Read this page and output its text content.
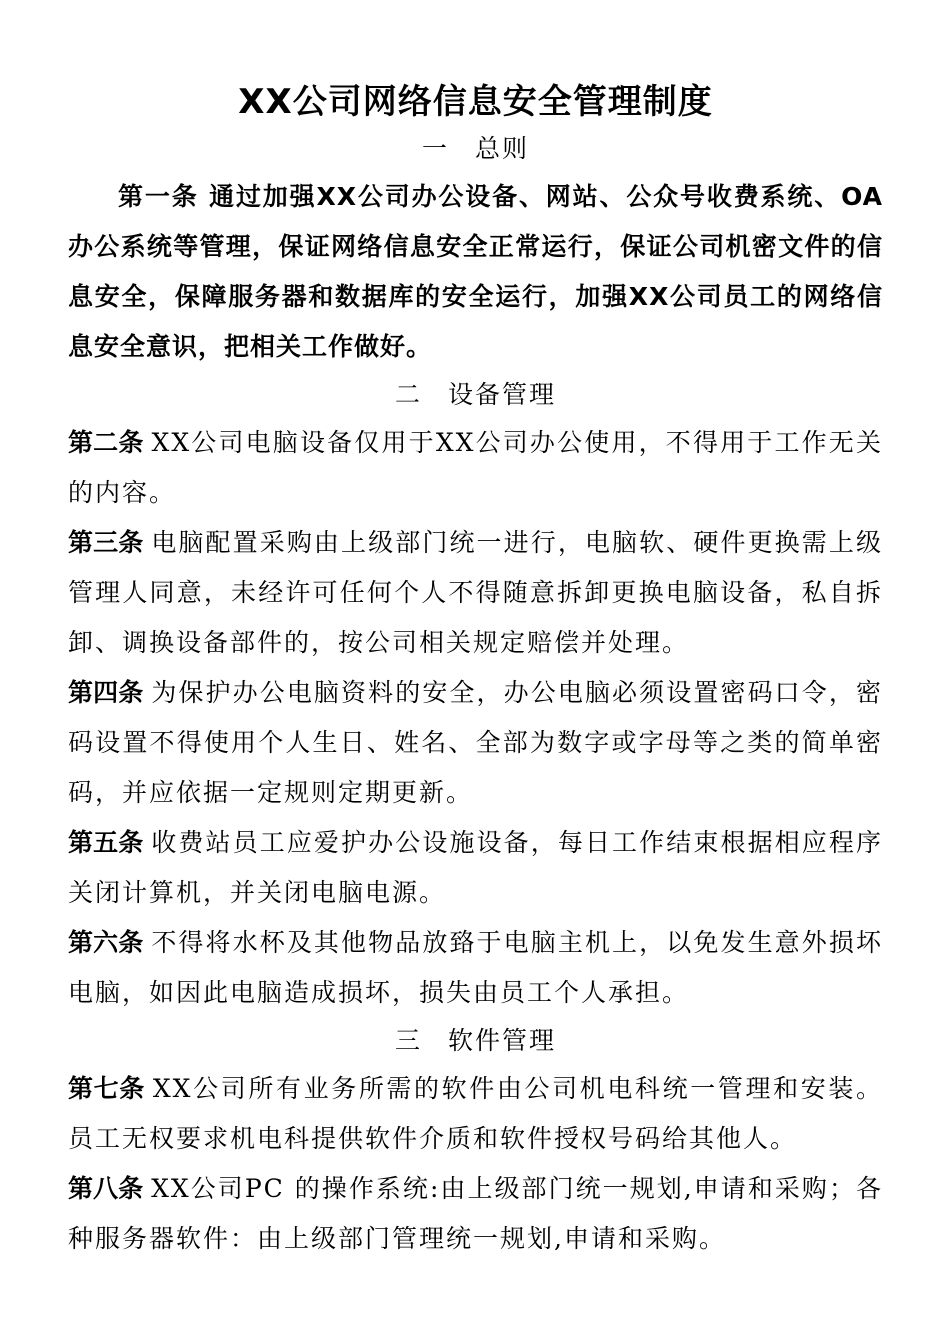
XX公司网络信息安全管理制度
一 总则

第一条 通过加强XX公司办公设备、网站、公众号收费系统、OA办公系统等管理，保证网络信息安全正常运行，保证公司机密文件的信息安全，保障服务器和数据库的安全运行，加强XX公司员工的网络信息安全意识，把相关工作做好。

二 设备管理

第二条 XX公司电脑设备仅用于XX公司办公使用，不得用于工作无关的内容。

第三条 电脑配置采购由上级部门统一进行，电脑软、硬件更换需上级管理人同意，未经许可任何个人不得随意拆卸更换电脑设备，私自拆卸、调换设备部件的，按公司相关规定赔偿并处理。

第四条 为保护办公电脑资料的安全，办公电脑必须设置密码口令，密码设置不得使用个人生日、姓名、全部为数字或字母等之类的简单密码，并应依据一定规则定期更新。

第五条 收费站员工应爱护办公设施设备，每日工作结束根据相应程序关闭计算机，并关闭电脑电源。

第六条 不得将水杯及其他物品放臵于电脑主机上，以免发生意外损坏电脑，如因此电脑造成损坏，损失由员工个人承担。

三 软件管理

第七条 XX公司所有业务所需的软件由公司机电科统一管理和安装。员工无权要求机电科提供软件介质和软件授权号码给其他人。

第八条 XX公司PC 的操作系统:由上级部门统一规划,申请和采购；各种服务器软件：由上级部门管理统一规划,申请和采购。
